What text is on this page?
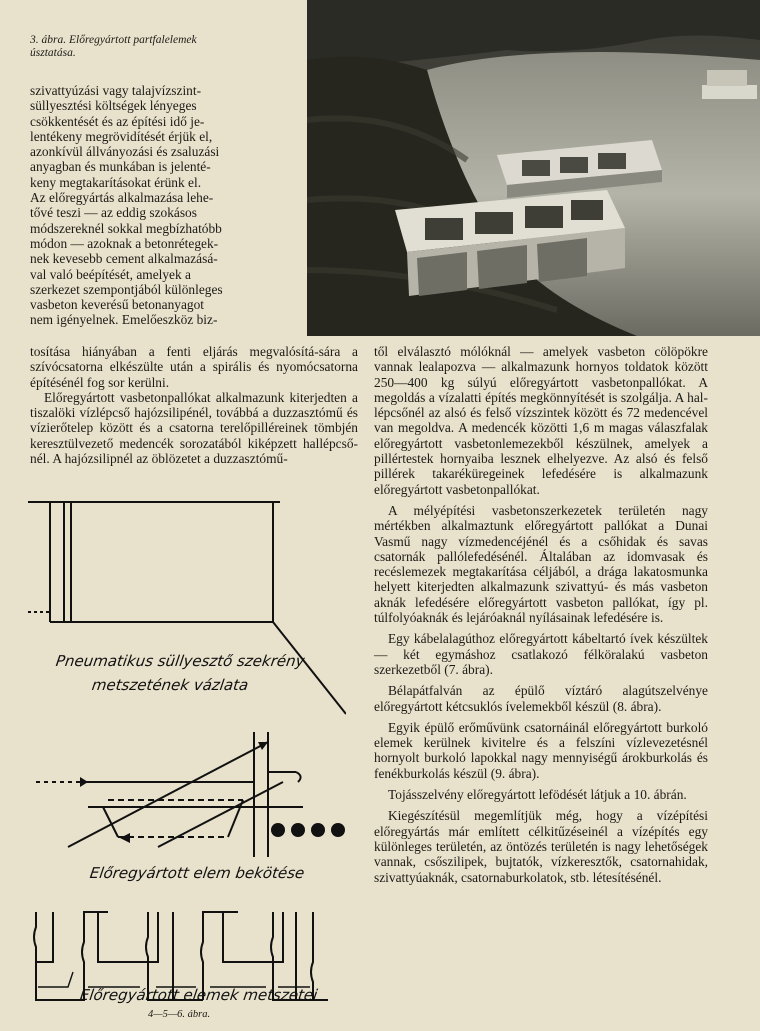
3. ábra. Előregyártott partfalelemek
úsztatása.
szivattyúzási vagy talajvízszint-
süllyesztési költségek lényeges
csökkentését és az építési idő je-
lentékeny megrövidítését érjük el,
azonkívül állványozási és zsaluzási
anyagban és munkában is jelenté-
keny megtakarításokat érünk el.
Az előregyártás alkalmazása lehe-
tővé teszi — az eddig szokásos
módszereknél sokkal megbízhatóbb
módon — azoknak a betonrétegek-
nek kevesebb cement alkalmazásá-
val való beépítését, amelyek a
szerkezet szempontjából különleges
vasbeton keverésű betonanyagot
nem igényelnek. Emelőeszköz biz-

tosítása hiányában a fenti eljárás megvalósítá-sára a szívócsatorna elkészülte után a spirális és nyomócsatorna építésénél fog sor kerülni.

Előregyártott vasbetonpallókat alkalmazunk kiterjedten a tiszalöki vízlépcső hajózsilipénél, továbbá a duzzasztómű és vízierőtelep között és a csatorna terelőpilléreinek tömbjén keresztülvezető medencék sorozatából kiképzett hallépcsőnél. A hajózsilipnél az öblözetet a duzzasztómű-

től elválasztó mólóknál — amelyek vasbeton cölöpökre vannak lealapozva — alkalmazunk hornyos toldatok között 250—400 kg súlyú előregyártott vasbetonpallókat. A megoldás a vízalatti építés megkönnyítését is szolgálja. A hallépcsőnél az alsó és felső vízszintek között és 72 medencével van megoldva. A medencék közötti 1,6 m magas válaszfalak előregyártott vasbetonlemezekből készülnek, amelyek a pillértestek hornyaiba lesznek elhelyezve. Az alsó és felső pillérek takaréküregeinek lefedésére is alkalmazunk előregyártott vasbetonpallókat.

A mélyépítési vasbetonszerkezetek területén nagy mértékben alkalmaztunk előregyártott pallókat a Dunai Vasmű nagy vízmedencéjénél és a csőhidak és savas csatornák pallólefedésénél. Általában az idomvasak és recéslemezek megtakarítása céljából, a drága lakatosmunka helyett kiterjedten alkalmazunk szivattyú- és más vasbeton aknák lefedésére előregyártott vasbeton pallókat, így pl. túlfolyóaknák és lejáróaknál nyílásainak lefedésére is.

Egy kábelalagúthoz előregyártott kábeltartó ívek készültek — két egymáshoz csatlakozó félköralakú vasbeton szerkezetből (7. ábra).

Bélapátfalván az épülő víztáró alagútszelvénye előregyártott kétcsuklós ívelemekből készül (8. ábra).

Egyik épülő erőművünk csatornáinál előregyártott burkoló elemek kerülnek kivitelre és a felszíni vízlevezetésnél hornyolt burkoló lapokkal nagy mennyiségű árokburkolás és fenékburkolás készül (9. ábra).

Tojásszelvény előregyártott lefödését látjuk a 10. ábrán.

Kiegészítésül megemlítjük még, hogy a vízépítési előregyártás már említett célkitűzéseinél a vízépítés egy különleges területén, az öntözés területén is nagy lehetőségek vannak, csőszilipek, bujtatók, vízkeresztők, csatornahidak, szivattyúaknák, csatornaburkolatok, stb. létesítésénél.

Pneumatikus süllyesztő szekrény
metszetének vázlata
Előregyártott elem bekötése
Előregyártott elemek metszetei
4—5—6. ábra.
